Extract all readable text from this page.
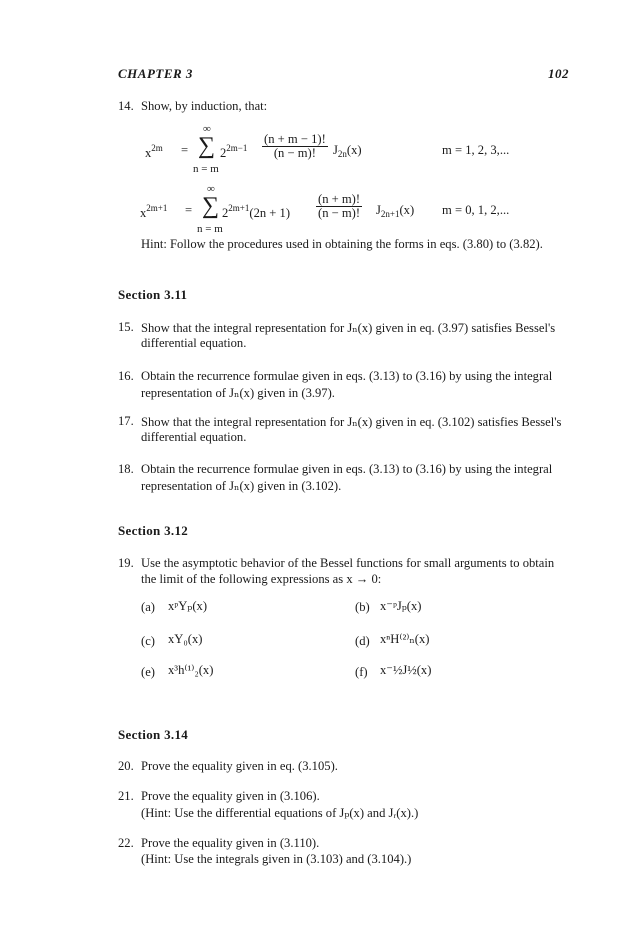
CHAPTER 3	102
14. Show, by induction, that:
$x^{2m}$ =
∞
∑
n = m
$2^{2m-1} \frac{(n + m - 1)!}{(n - m)!} J_{2n}(x)$	m = 1, 2, 3,...
$x^{2m+1}$ =
∞
∑
n = m
$2^{2m+1}(2n + 1) \frac{(n + m)!}{(n - m)!} J_{2n+1}(x) m = 0$, 1, 2,...
Hint: Follow the procedures used in obtaining the forms in eqs. (3.80) to (3.82).
Section 3.11
15. Show that the integral representation for Jₙ(x) given in eq. (3.97) satisfies Bessel's
differential equation.
16. Obtain the recurrence formulae given in eqs. (3.13) to (3.16) by using the integral
representation of Jₙ(x) given in (3.97).
17. Show that the integral representation for Jₙ(x) given in eq. (3.102) satisfies Bessel's
differential equation.
18. Obtain the recurrence formulae given in eqs. (3.13) to (3.16) by using the integral
representation of Jₙ(x) given in (3.102).
Section 3.12
19. Use the asymptotic behavior of the Bessel functions for small arguments to obtain
the limit of the following expressions as x → 0:
(a) xᵖYₚ(x)	(b) x⁻ᵖJₚ(x)
(c) xY₀(x)	(d) xⁿH⁽²⁾ₙ(x)
(e) x³h⁽¹⁾₂(x)	(f) x⁻½J½(x)
Section 3.14
20. Prove the equality given in eq. (3.105).
21. Prove the equality given in (3.106).
(Hint: Use the differential equations of Jₚ(x) and Jᵣ(x).)
22. Prove the equality given in (3.110).
(Hint: Use the integrals given in (3.103) and (3.104).)
